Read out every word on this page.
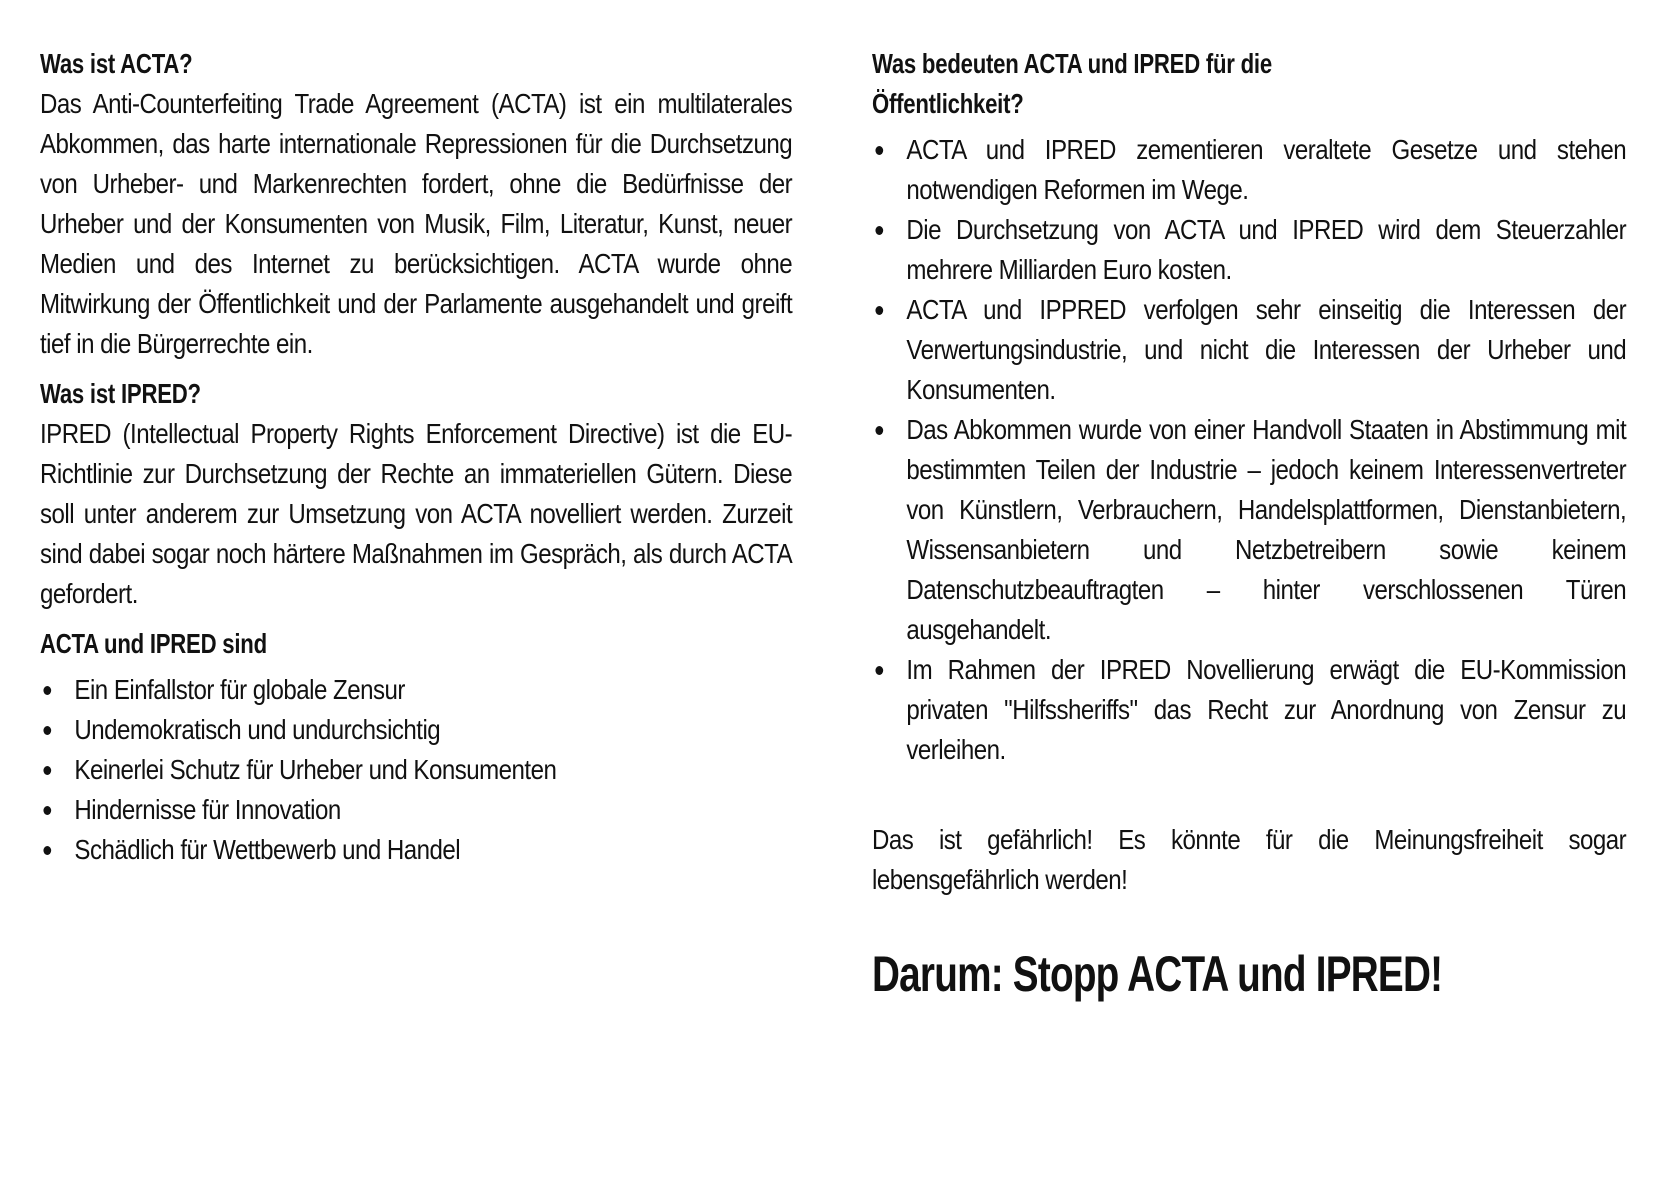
Was ist ACTA?

Das Anti-Counterfeiting Trade Agreement (ACTA) ist ein multilaterales Abkommen, das harte internationale Repressionen für die Durchsetzung von Urheber- und Markenrechten fordert, ohne die Bedürfnisse der Urheber und der Konsumenten von Musik, Film, Literatur, Kunst, neuer Medien und des Internet zu berücksichtigen. ACTA wurde ohne Mitwirkung der Öffentlichkeit und der Parlamente ausgehandelt und greift tief in die Bürgerrechte ein.

Was ist IPRED?

IPRED (Intellectual Property Rights Enforcement Directive) ist die EU-Richtlinie zur Durchsetzung der Rechte an immateriellen Gütern. Diese soll unter anderem zur Umsetzung von ACTA novelliert werden. Zurzeit sind dabei sogar noch härtere Maßnahmen im Gespräch, als durch ACTA gefordert.

ACTA und IPRED sind
Ein Einfallstor für globale Zensur
Undemokratisch und undurchsichtig
Keinerlei Schutz für Urheber und Konsumenten
Hindernisse für Innovation
Schädlich für Wettbewerb und Handel
Was bedeuten ACTA und IPRED für die Öffentlichkeit?
ACTA und IPRED zementieren veraltete Gesetze und stehen notwendigen Reformen im Wege.
Die Durchsetzung von ACTA und IPRED wird dem Steuerzahler mehrere Milliarden Euro kosten.
ACTA und IPPRED verfolgen sehr einseitig die Interessen der Verwertungsindustrie, und nicht die Interessen der Urheber und Konsumenten.
Das Abkommen wurde von einer Handvoll Staaten in Abstimmung mit bestimmten Teilen der Industrie – jedoch keinem Interessenvertreter von Künstlern, Verbrauchern, Handelsplattformen, Dienstanbietern, Wissensanbietern und Netzbetreibern sowie keinem Datenschutzbeauftragten – hinter verschlossenen Türen ausgehandelt.
Im Rahmen der IPRED Novellierung erwägt die EU-Kommission privaten "Hilfssheriffs" das Recht zur Anordnung von Zensur zu verleihen.

Das ist gefährlich! Es könnte für die Meinungsfreiheit sogar lebensgefährlich werden!

Darum: Stopp ACTA und IPRED!
